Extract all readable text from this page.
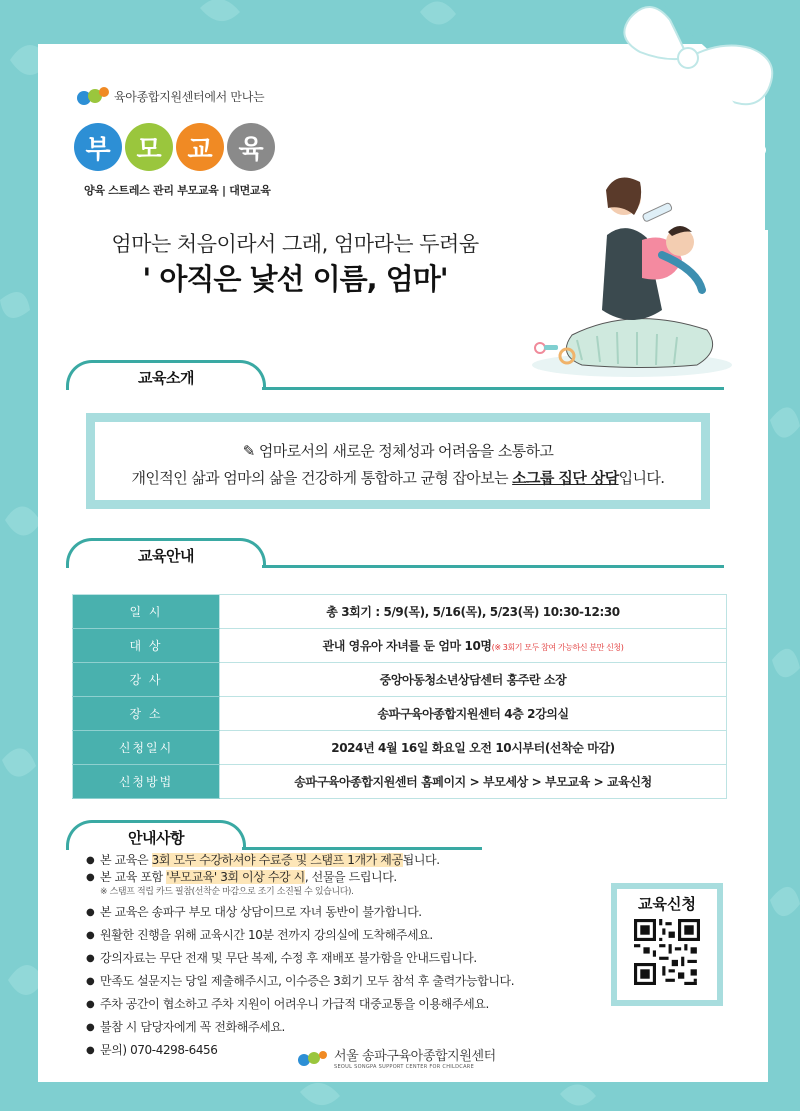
육아종합지원센터에서 만나는
부 모 교 육
양육 스트레스 관리 부모교육 | 대면교육
엄마는 처음이라서 그래, 엄마라는 두려움
' 아직은 낯선 이름, 엄마'
교육소개
✎ 엄마로서의 새로운 정체성과 어려움을 소통하고
개인적인 삶과 엄마의 삶을 건강하게 통합하고 균형 잡아보는 소그룹 집단 상담입니다.
교육안내
일 시	총 3회기 : 5/9(목), 5/16(목), 5/23(목) 10:30-12:30
대 상	관내 영유아 자녀를 둔 엄마 10명(※ 3회기 모두 참여 가능하신 분만 신청)
강 사	중앙아동청소년상담센터 홍주란 소장
장 소	송파구육아종합지원센터 4층 2강의실
신청일시	2024년 4월 16일 화요일 오전 10시부터(선착순 마감)
신청방법	송파구육아종합지원센터 홈페이지 > 부모세상 > 부모교육 > 교육신청
안내사항
● 본 교육은 3회 모두 수강하셔야 수료증 및 스탬프 1개가 제공됩니다.
● 본 교육 포함 '부모교육' 3회 이상 수강 시, 선물을 드립니다.
※ 스탬프 적립 카드 필참(선착순 마감으로 조기 소진될 수 있습니다).
● 본 교육은 송파구 부모 대상 상담이므로 자녀 동반이 불가합니다.
● 원활한 진행을 위해 교육시간 10분 전까지 강의실에 도착해주세요.
● 강의자료는 무단 전재 및 무단 복제, 수정 후 재배포 불가함을 안내드립니다.
● 만족도 설문지는 당일 제출해주시고, 이수증은 3회기 모두 참석 후 출력가능합니다.
● 주차 공간이 협소하고 주차 지원이 어려우니 가급적 대중교통을 이용해주세요.
● 불참 시 담당자에게 꼭 전화해주세요.
● 문의) 070-4298-6456
교육신청
서울 송파구육아종합지원센터
SEOUL SONGPA SUPPORT CENTER FOR CHILDCARE
